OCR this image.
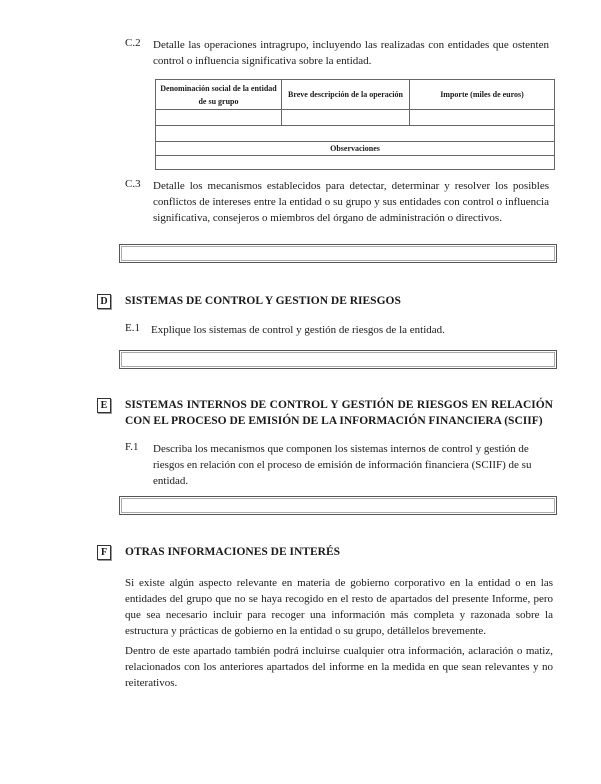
C.2 Detalle las operaciones intragrupo, incluyendo las realizadas con entidades que ostenten control o influencia significativa sobre la entidad.
Denominación social de la entidad de su grupo	Breve descripción de la operación	Importe (miles de euros)

Observaciones		

C.3 Detalle los mecanismos establecidos para detectar, determinar y resolver los posibles conflictos de intereses entre la entidad o su grupo y sus entidades con control o influencia significativa, consejeros o miembros del órgano de administración o directivos.
D SISTEMAS DE CONTROL Y GESTION DE RIESGOS
E.1 Explique los sistemas de control y gestión de riesgos de la entidad.
E	SISTEMAS INTERNOS DE CONTROL Y GESTIÓN DE RIESGOS EN RELACIÓN CON EL PROCESO DE EMISIÓN DE LA INFORMACIÓN FINANCIERA (SCIIF)
F.1 Describa los mecanismos que componen los sistemas internos de control y gestión de riesgos en relación con el proceso de emisión de información financiera (SCIIF) de su entidad.
F	OTRAS INFORMACIONES DE INTERÉS
Si existe algún aspecto relevante en materia de gobierno corporativo en la entidad o en las entidades del grupo que no se haya recogido en el resto de apartados del presente Informe, pero que sea necesario incluir para recoger una información más completa y razonada sobre la estructura y prácticas de gobierno en la entidad o su grupo, detállelos brevemente.
Dentro de este apartado también podrá incluirse cualquier otra información, aclaración o matiz, relacionados con los anteriores apartados del informe en la medida en que sean relevantes y no reiterativos.
